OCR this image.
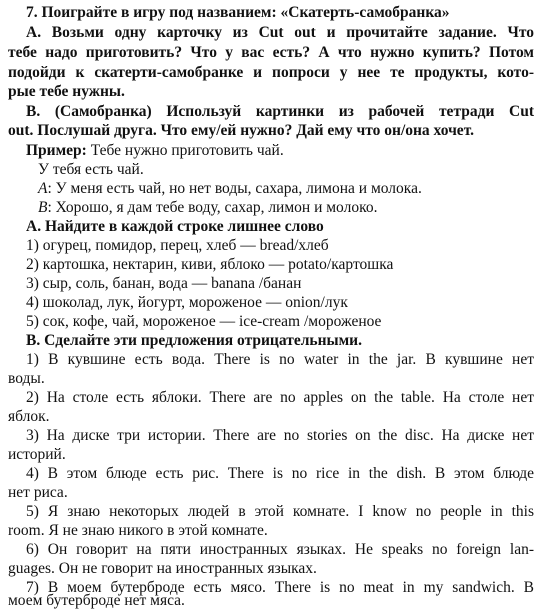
7. Поиграйте в игру под названием: «Скатерть-самобранка»
А. Возьми одну карточку из Cut out и прочитайте задание. Что
тебе надо приготовить? Что у вас есть? А что нужно купить? Потом
подойди к скатерти-самобранке и попроси у нее те продукты, кото-
рые тебе нужны.
В. (Самобранка) Используй картинки из рабочей тетради Cut
out. Послушай друга. Что ему/ей нужно? Дай ему что он/она хочет.
Пример: Тебе нужно приготовить чай.
У тебя есть чай.
А: У меня есть чай, но нет воды, сахара, лимона и молока.
В: Хорошо, я дам тебе воду, сахар, лимон и молоко.
А. Найдите в каждой строке лишнее слово
1) огурец, помидор, перец, хлеб — bread/хлеб
2) картошка, нектарин, киви, яблоко — potato/картошка
3) сыр, соль, банан, вода — banana /банан
4) шоколад, лук, йогурт, мороженое — onion/лук
5) сок, кофе, чай, мороженое — ice-cream /мороженое
В. Сделайте эти предложения отрицательными.
1) В кувшине есть вода. There is no water in the jar. В кувшине нет
воды.
2) На столе есть яблоки. There are no apples on the table. На столе нет
яблок.
3) На диске три истории. There are no stories on the disc. На диске нет
историй.
4) В этом блюде есть рис. There is no rice in the dish. В этом блюде
нет риса.
5) Я знаю некоторых людей в этой комнате. I know no people in this
room. Я не знаю никого в этой комнате.
6) Он говорит на пяти иностранных языках. He speaks no foreign lan-
guages. Он не говорит на иностранных языках.
7) В моем бутерброде есть мясо. There is no meat in my sandwich. В
моем бутерброде нет мяса.
